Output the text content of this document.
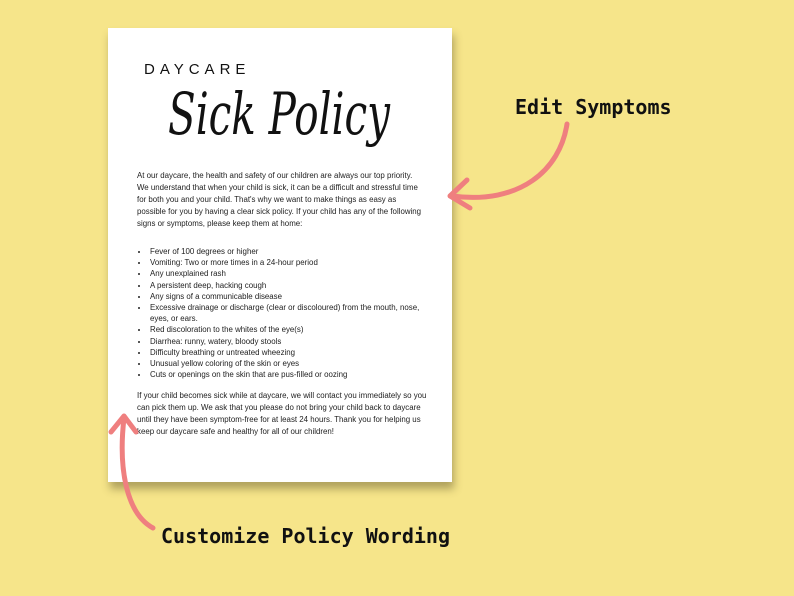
DAYCARE
Sick Policy
At our daycare, the health and safety of our children are always our top priority. We understand that when your child is sick, it can be a difficult and stressful time for both you and your child. That's why we want to make things as easy as possible for you by having a clear sick policy. If your child has any of the following signs or symptoms, please keep them at home:
• Fever of 100 degrees or higher
• Vomiting: Two or more times in a 24-hour period
• Any unexplained rash
• A persistent deep, hacking cough
• Any signs of a communicable disease
• Excessive drainage or discharge (clear or discoloured) from the mouth, nose, eyes, or ears.
• Red discoloration to the whites of the eye(s)
• Diarrhea: runny, watery, bloody stools
• Difficulty breathing or untreated wheezing
• Unusual yellow coloring of the skin or eyes
• Cuts or openings on the skin that are pus-filled or oozing
If your child becomes sick while at daycare, we will contact you immediately so you can pick them up. We ask that you please do not bring your child back to daycare until they have been symptom-free for at least 24 hours. Thank you for helping us keep our daycare safe and healthy for all of our children!
Edit Symptoms
Customize Policy Wording
